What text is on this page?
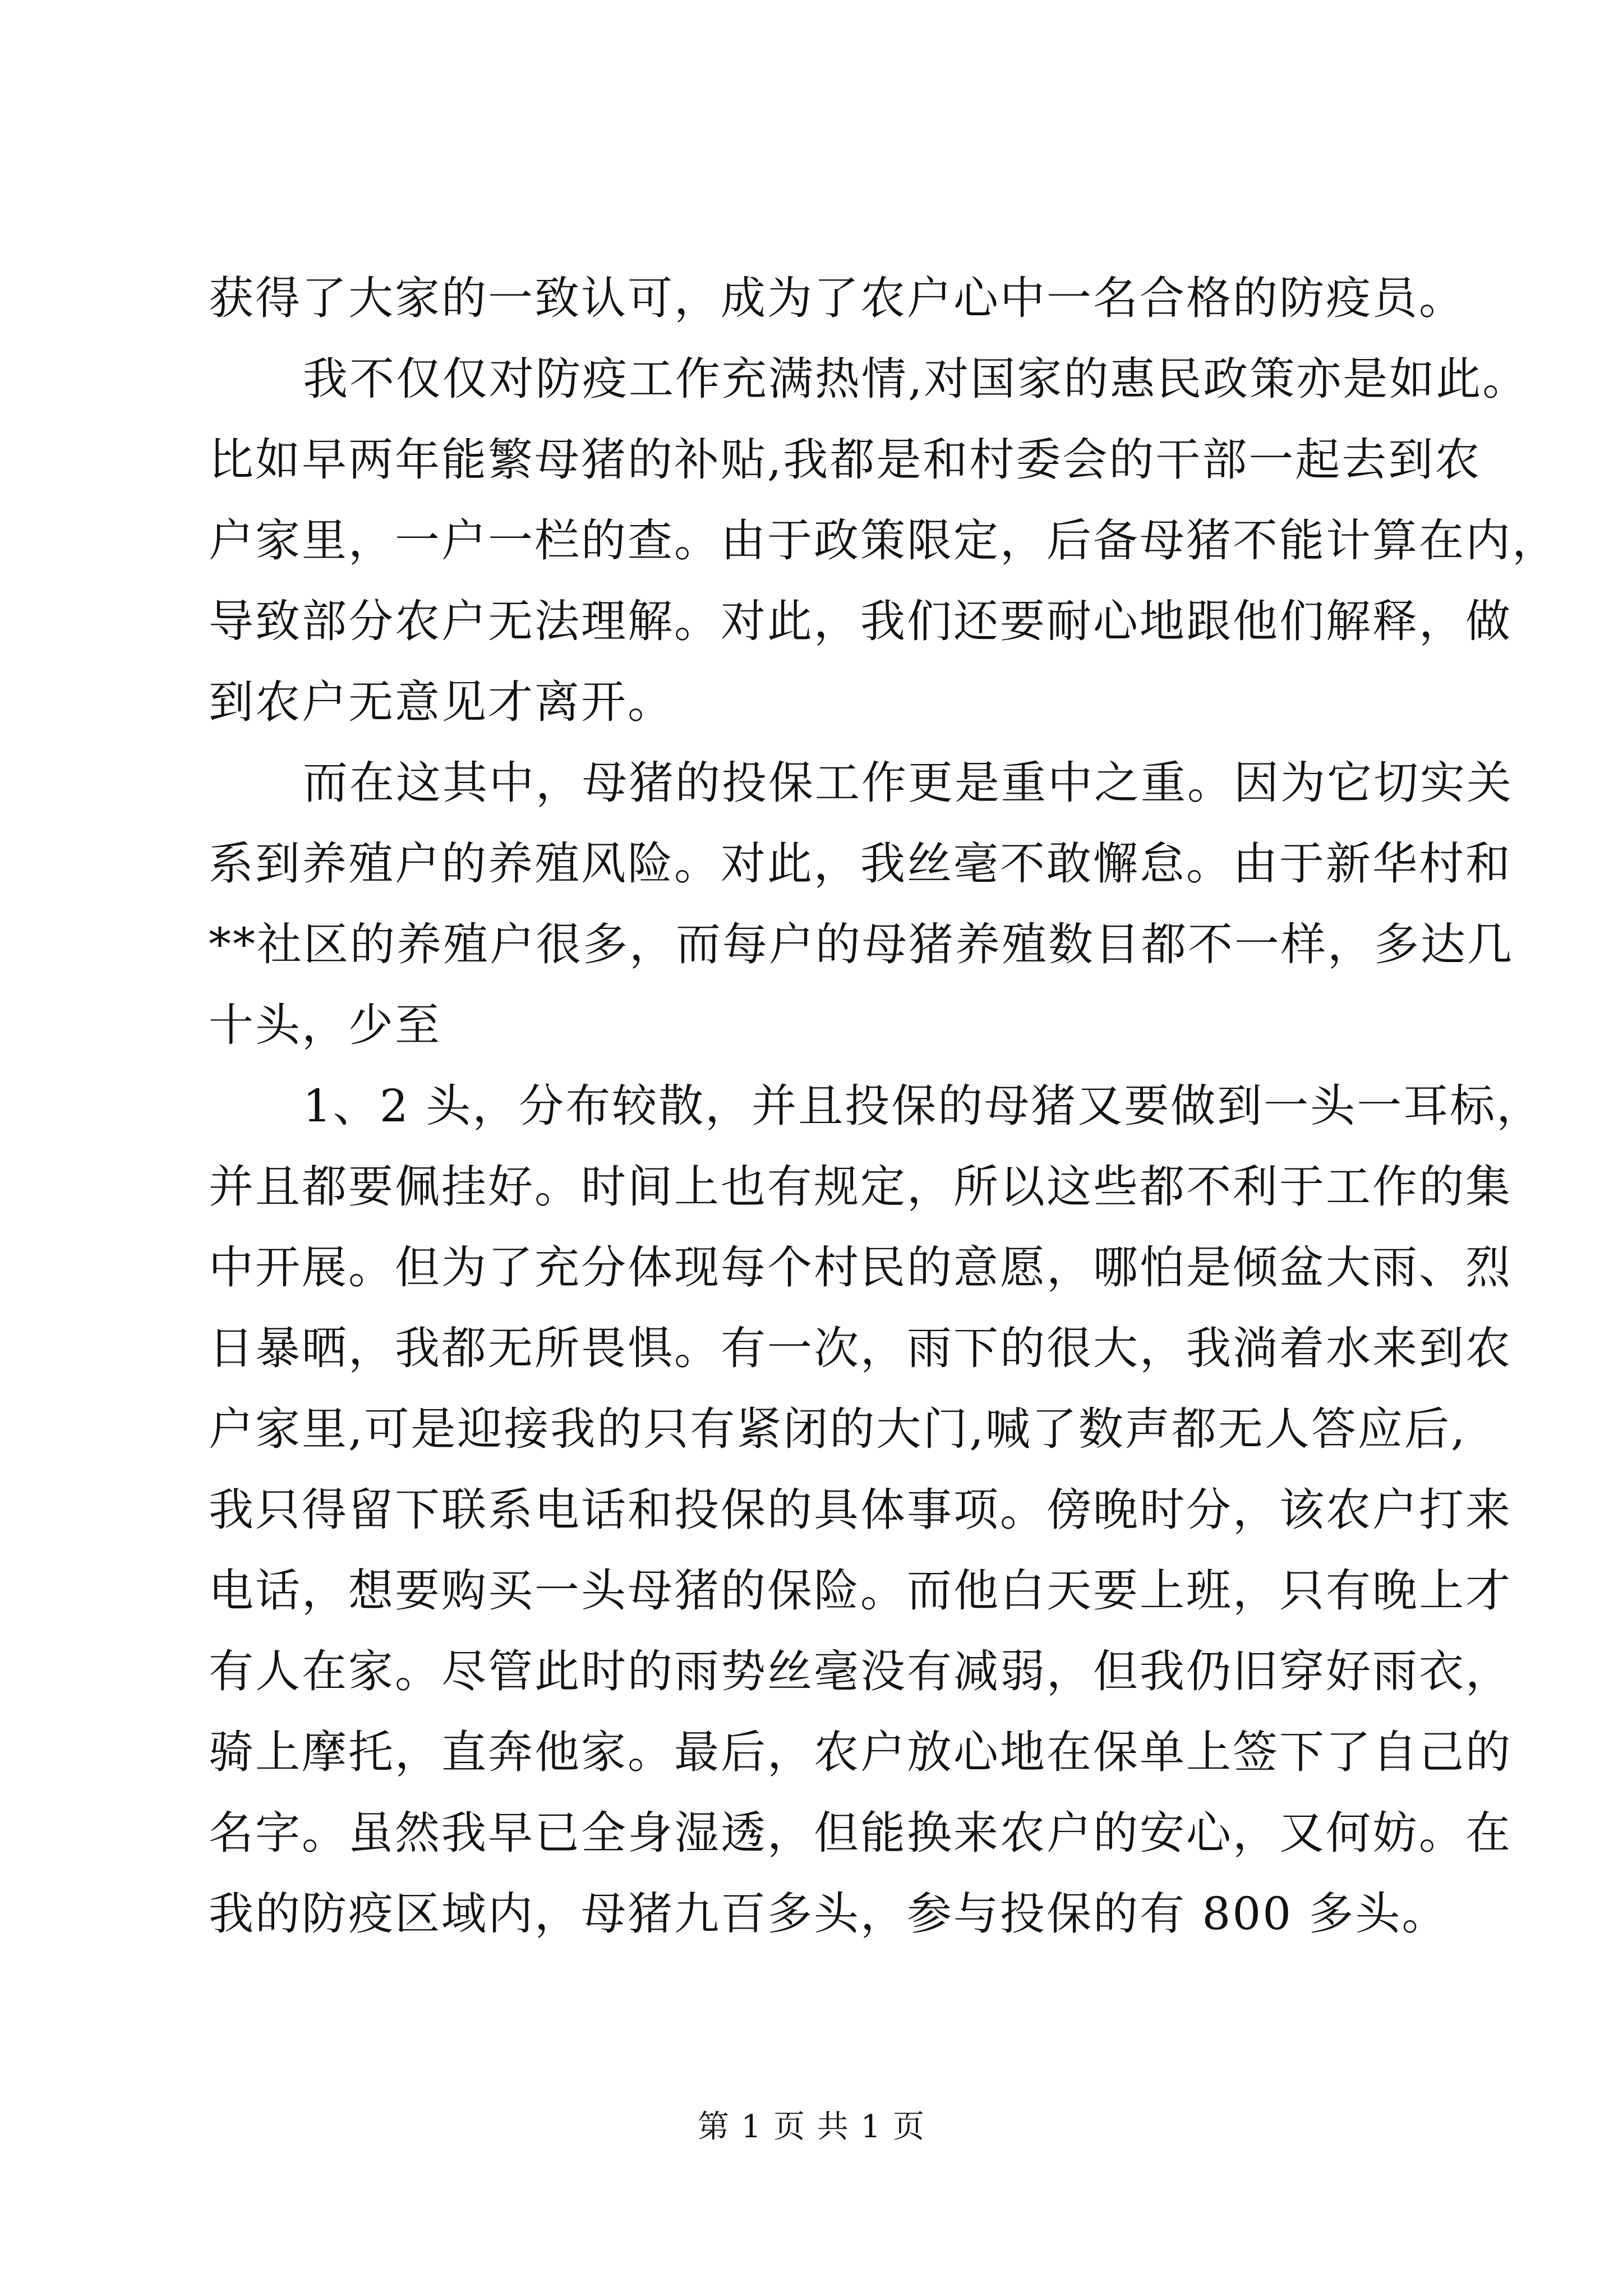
获得了大家的一致认可，成为了农户心中一名合格的防疫员。
我不仅仅对防疫工作充满热情,对国家的惠民政策亦是如此。
比如早两年能繁母猪的补贴,我都是和村委会的干部一起去到农
户家里，一户一栏的查。由于政策限定，后备母猪不能计算在内，
导致部分农户无法理解。对此，我们还要耐心地跟他们解释，做
到农户无意见才离开。
而在这其中，母猪的投保工作更是重中之重。因为它切实关
系到养殖户的养殖风险。对此，我丝毫不敢懈怠。由于新华村和
**社区的养殖户很多，而每户的母猪养殖数目都不一样，多达几
十头，少至
1、2 头，分布较散，并且投保的母猪又要做到一头一耳标，
并且都要佩挂好。时间上也有规定，所以这些都不利于工作的集
中开展。但为了充分体现每个村民的意愿，哪怕是倾盆大雨、烈
日暴晒，我都无所畏惧。有一次，雨下的很大，我淌着水来到农
户家里,可是迎接我的只有紧闭的大门,喊了数声都无人答应后,
我只得留下联系电话和投保的具体事项。傍晚时分，该农户打来
电话，想要购买一头母猪的保险。而他白天要上班，只有晚上才
有人在家。尽管此时的雨势丝毫没有减弱，但我仍旧穿好雨衣，
骑上摩托，直奔他家。最后，农户放心地在保单上签下了自己的
名字。虽然我早已全身湿透，但能换来农户的安心，又何妨。在
我的防疫区域内，母猪九百多头，参与投保的有 800 多头。
第 1 页 共 1 页
